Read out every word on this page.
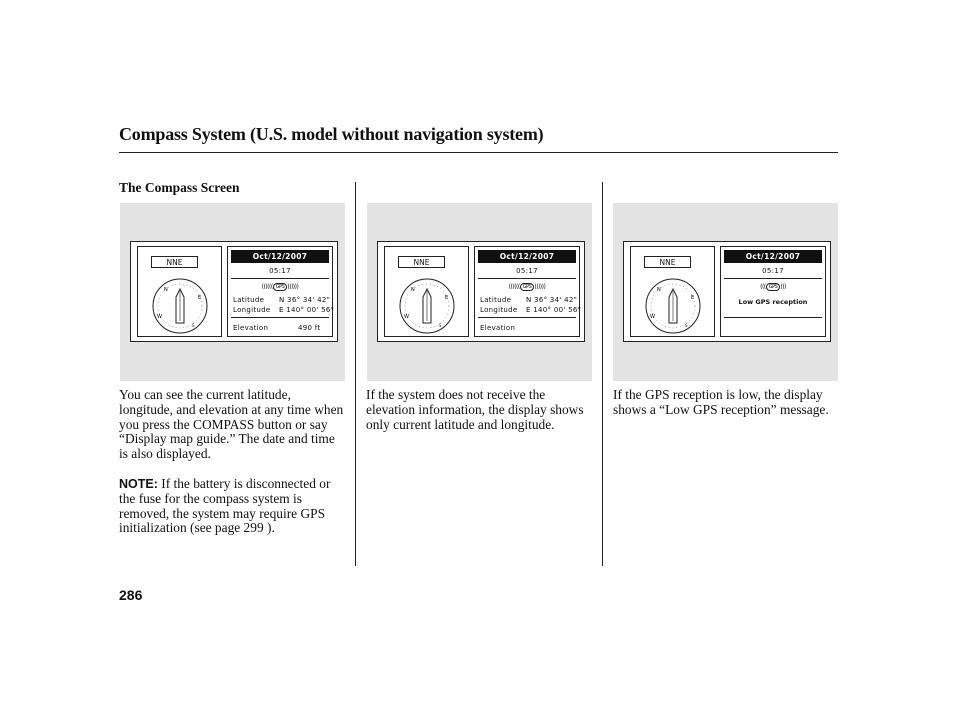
Compass System (U.S. model without navigation system)
The Compass Screen
NNE
N
E
S
W
Oct/12/2007
05:17
(((((( GPS ))))))
Latitude N 36° 34' 42"
Longitude E 140° 00' 56"
Elevation	490 ft
NNE
N
E
S
W
Oct/12/2007
05:17
(((((( GPS ))))))
Latitude N 36° 34' 42"
Longitude E 140° 00' 56"
Elevation
NNE
N
E
S
W
Oct/12/2007
05:17
((( GPS )))
Low GPS reception
You can see the current latitude, longitude, and elevation at any time when you press the COMPASS button or say “Display map guide.” The date and time is also displayed.
NOTE: If the battery is disconnected or the fuse for the compass system is removed, the system may require GPS initialization (see page 299 ).
If the system does not receive the elevation information, the display shows only current latitude and longitude.
If the GPS reception is low, the display shows a “Low GPS reception” message.
286
